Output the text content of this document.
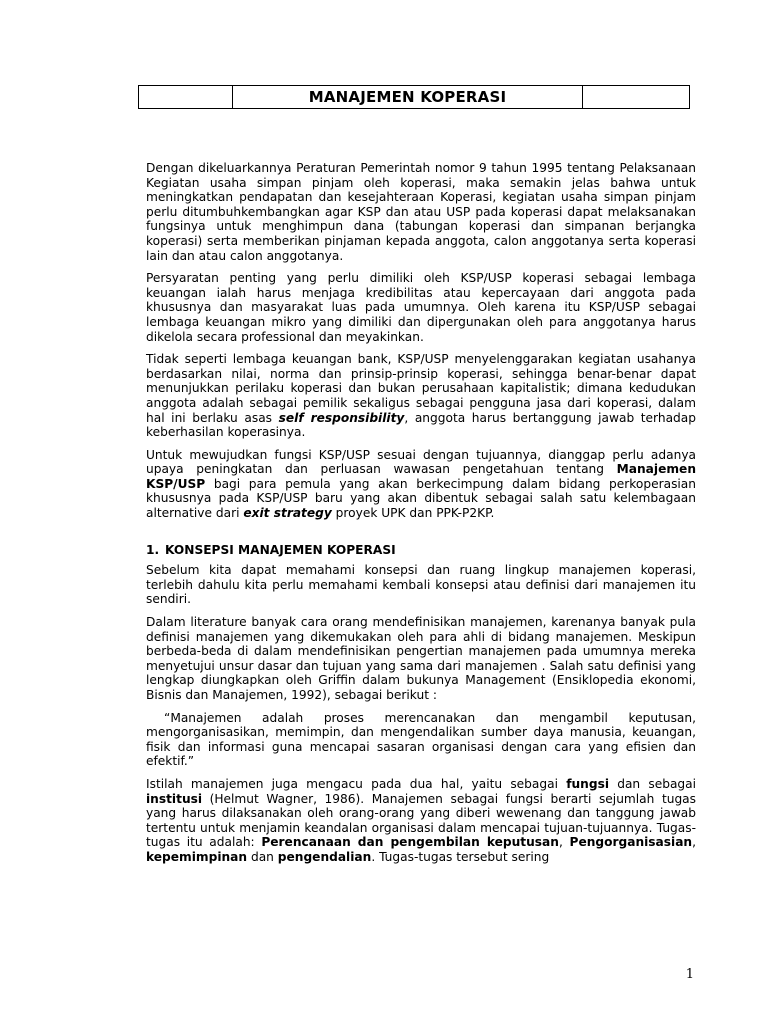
MANAJEMEN KOPERASI

Dengan dikeluarkannya Peraturan Pemerintah nomor 9 tahun 1995 tentang Pelaksanaan Kegiatan usaha simpan pinjam oleh koperasi, maka semakin jelas bahwa untuk meningkatkan pendapatan dan kesejahteraan Koperasi, kegiatan usaha simpan pinjam perlu ditumbuhkembangkan agar KSP dan atau USP pada koperasi dapat melaksanakan fungsinya untuk menghimpun dana (tabungan koperasi dan simpanan berjangka koperasi) serta memberikan pinjaman kepada anggota, calon anggotanya serta koperasi lain dan atau calon anggotanya.

Persyaratan penting yang perlu dimiliki oleh KSP/USP koperasi sebagai lembaga keuangan ialah harus menjaga kredibilitas atau kepercayaan dari anggota pada khususnya dan masyarakat luas pada umumnya. Oleh karena itu KSP/USP sebagai lembaga keuangan mikro yang dimiliki dan dipergunakan oleh para anggotanya harus dikelola secara professional dan meyakinkan.

Tidak seperti lembaga keuangan bank, KSP/USP menyelenggarakan kegiatan usahanya berdasarkan nilai, norma dan prinsip-prinsip koperasi, sehingga benar-benar dapat menunjukkan perilaku koperasi dan bukan perusahaan kapitalistik; dimana kedudukan anggota adalah sebagai pemilik sekaligus sebagai pengguna jasa dari koperasi, dalam hal ini berlaku asas self responsibility, anggota harus bertanggung jawab terhadap keberhasilan koperasinya.

Untuk mewujudkan fungsi KSP/USP sesuai dengan tujuannya, dianggap perlu adanya upaya peningkatan dan perluasan wawasan pengetahuan tentang Manajemen KSP/USP bagi para pemula yang akan berkecimpung dalam bidang perkoperasian khususnya pada KSP/USP baru yang akan dibentuk sebagai salah satu kelembagaan alternative dari exit strategy proyek UPK dan PPK-P2KP.

1. KONSEPSI MANAJEMEN KOPERASI

Sebelum kita dapat memahami konsepsi dan ruang lingkup manajemen koperasi, terlebih dahulu kita perlu memahami kembali konsepsi atau definisi dari manajemen itu sendiri.

Dalam literature banyak cara orang mendefinisikan manajemen, karenanya banyak pula definisi manajemen yang dikemukakan oleh para ahli di bidang manajemen. Meskipun berbeda-beda di dalam mendefinisikan pengertian manajemen pada umumnya mereka menyetujui unsur dasar dan tujuan yang sama dari manajemen . Salah satu definisi yang lengkap diungkapkan oleh Griffin dalam bukunya Management (Ensiklopedia ekonomi, Bisnis dan Manajemen, 1992), sebagai berikut :

“Manajemen adalah proses merencanakan dan mengambil keputusan, mengorganisasikan, memimpin, dan mengendalikan sumber daya manusia, keuangan, fisik dan informasi guna mencapai sasaran organisasi dengan cara yang efisien dan efektif.”

Istilah manajemen juga mengacu pada dua hal, yaitu sebagai fungsi dan sebagai institusi (Helmut Wagner, 1986). Manajemen sebagai fungsi berarti sejumlah tugas yang harus dilaksanakan oleh orang-orang yang diberi wewenang dan tanggung jawab tertentu untuk menjamin keandalan organisasi dalam mencapai tujuan-tujuannya. Tugas-tugas itu adalah: Perencanaan dan pengembilan keputusan, Pengorganisasian, kepemimpinan dan pengendalian. Tugas-tugas tersebut sering

1
